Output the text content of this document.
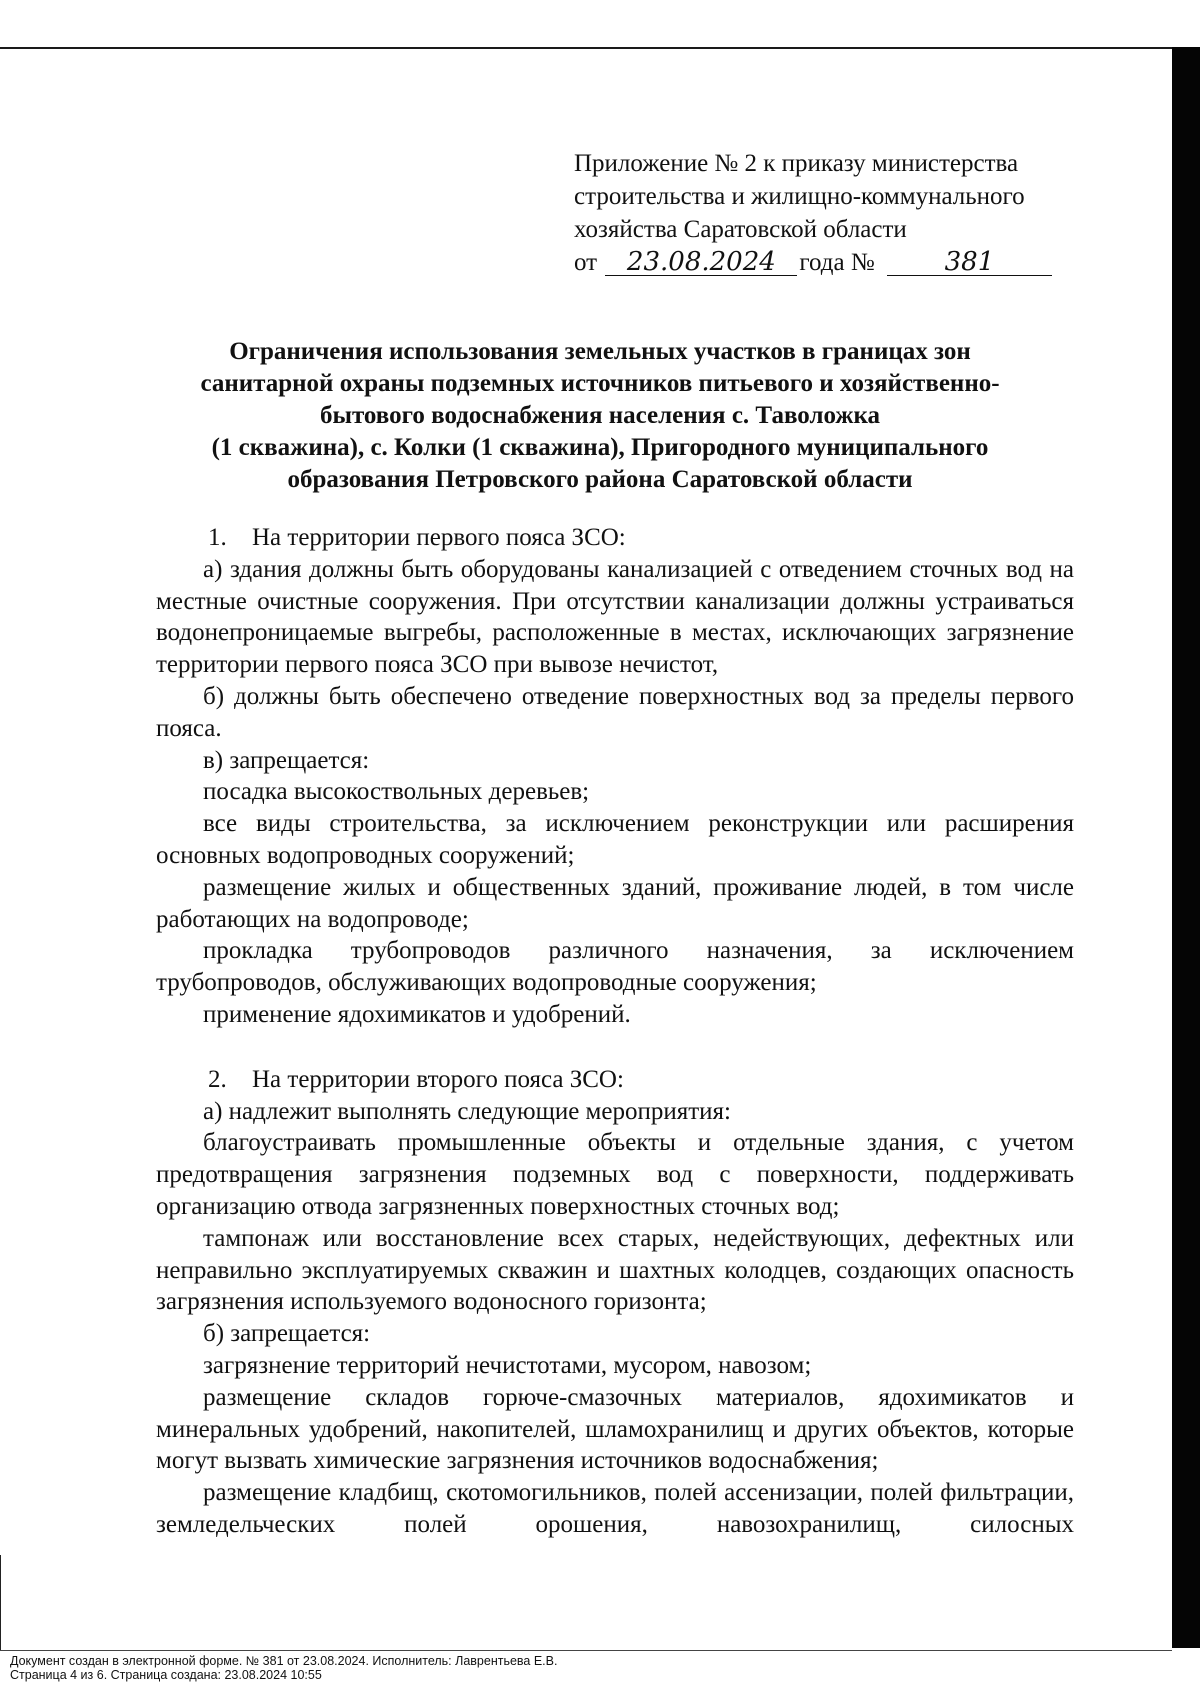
Приложение № 2 к приказу министерства
строительства и жилищно-коммунального
хозяйства Саратовской области
от 23.08.2024 года №	381
Ограничения использования земельных участков в границах зон
санитарной охраны подземных источников питьевого и хозяйственно-
бытового водоснабжения населения с. Таволожка
(1 скважина), с. Колки (1 скважина), Пригородного муниципального
образования Петровского района Саратовской области

1. На территории первого пояса ЗСО:

а) здания должны быть оборудованы канализацией с отведением сточных вод на местные очистные сооружения. При отсутствии канализации должны устраиваться водонепроницаемые выгребы, расположенные в местах, исключающих загрязнение территории первого пояса ЗСО при вывозе нечистот,

б) должны быть обеспечено отведение поверхностных вод за пределы первого пояса.

в) запрещается:

посадка высокоствольных деревьев;

все виды строительства, за исключением реконструкции или расширения основных водопроводных сооружений;

размещение жилых и общественных зданий, проживание людей, в том числе работающих на водопроводе;

прокладка трубопроводов различного назначения, за исключением трубопроводов, обслуживающих водопроводные сооружения;

применение ядохимикатов и удобрений.

2. На территории второго пояса ЗСО:

а) надлежит выполнять следующие мероприятия:

благоустраивать промышленные объекты и отдельные здания, с учетом предотвращения загрязнения подземных вод с поверхности, поддерживать организацию отвода загрязненных поверхностных сточных вод;

тампонаж или восстановление всех старых, недействующих, дефектных или неправильно эксплуатируемых скважин и шахтных колодцев, создающих опасность загрязнения используемого водоносного горизонта;

б) запрещается:

загрязнение территорий нечистотами, мусором, навозом;

размещение складов горюче-смазочных материалов, ядохимикатов и минеральных удобрений, накопителей, шламохранилищ и других объектов, которые могут вызвать химические загрязнения источников водоснабжения;

размещение кладбищ, скотомогильников, полей ассенизации, полей фильтрации, земледельческих полей орошения, навозохранилищ, силосных

Документ создан в электронной форме. № 381 от 23.08.2024. Исполнитель: Лаврентьева Е.В.
Страница 4 из 6. Страница создана: 23.08.2024 10:55
